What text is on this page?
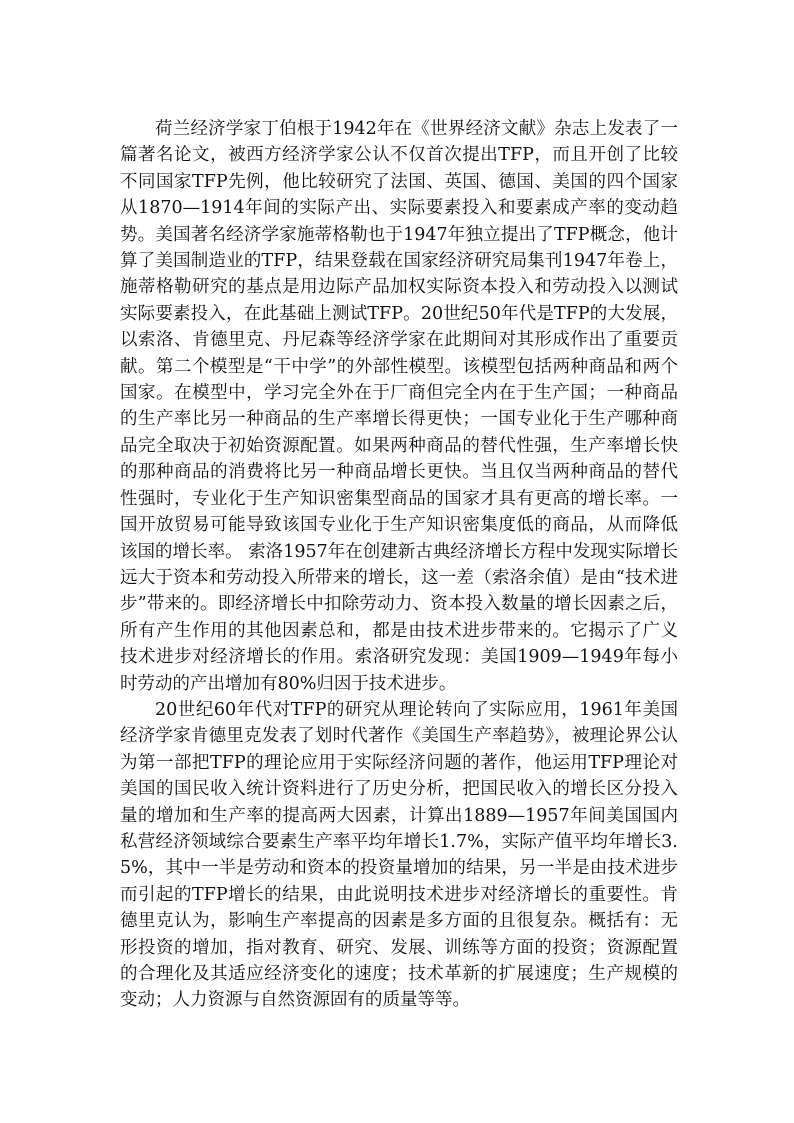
荷兰经济学家丁伯根于1942年在《世界经济文献》杂志上发表了一篇著名论文，被西方经济学家公认不仅首次提出TFP，而且开创了比较不同国家TFP先例，他比较研究了法国、英国、德国、美国的四个国家从1870—1914年间的实际产出、实际要素投入和要素成产率的变动趋势。美国著名经济学家施蒂格勒也于1947年独立提出了TFP概念，他计算了美国制造业的TFP，结果登载在国家经济研究局集刊1947年卷上，施蒂格勒研究的基点是用边际产品加权实际资本投入和劳动投入以测试实际要素投入，在此基础上测试TFP。20世纪50年代是TFP的大发展，以索洛、肯德里克、丹尼森等经济学家在此期间对其形成作出了重要贡献。第二个模型是“干中学”的外部性模型。该模型包括两种商品和两个国家。在模型中，学习完全外在于厂商但完全内在于生产国；一种商品的生产率比另一种商品的生产率增长得更快；一国专业化于生产哪种商品完全取决于初始资源配置。如果两种商品的替代性强，生产率增长快的那种商品的消费将比另一种商品增长更快。当且仅当两种商品的替代性强时，专业化于生产知识密集型商品的国家才具有更高的增长率。一国开放贸易可能导致该国专业化于生产知识密集度低的商品，从而降低该国的增长率。 索洛1957年在创建新古典经济增长方程中发现实际增长远大于资本和劳动投入所带来的增长，这一差（索洛余值）是由“技术进步”带来的。即经济增长中扣除劳动力、资本投入数量的增长因素之后，所有产生作用的其他因素总和，都是由技术进步带来的。它揭示了广义技术进步对经济增长的作用。索洛研究发现：美国1909—1949年每小时劳动的产出增加有80%归因于技术进步。

20世纪60年代对TFP的研究从理论转向了实际应用，1961年美国经济学家肯德里克发表了划时代著作《美国生产率趋势》，被理论界公认为第一部把TFP的理论应用于实际经济问题的著作，他运用TFP理论对美国的国民收入统计资料进行了历史分析，把国民收入的增长区分投入量的增加和生产率的提高两大因素，计算出1889—1957年间美国国内私营经济领域综合要素生产率平均年增长1.7%，实际产值平均年增长3.5%，其中一半是劳动和资本的投资量增加的结果，另一半是由技术进步而引起的TFP增长的结果，由此说明技术进步对经济增长的重要性。肯德里克认为，影响生产率提高的因素是多方面的且很复杂。概括有：无形投资的增加，指对教育、研究、发展、训练等方面的投资；资源配置的合理化及其适应经济变化的速度；技术革新的扩展速度；生产规模的变动；人力资源与自然资源固有的质量等等。
